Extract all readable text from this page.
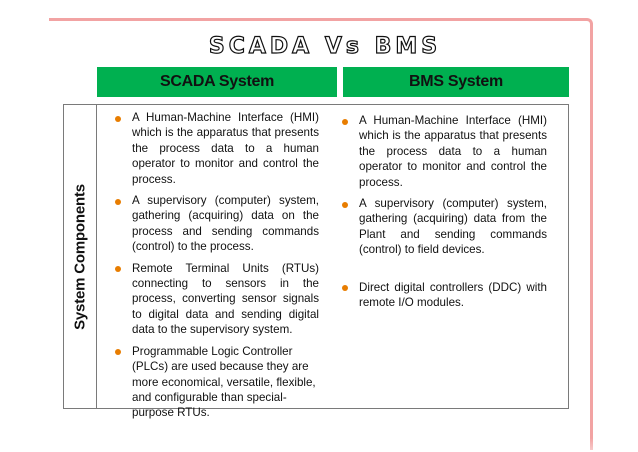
SCADA Vs BMS
SCADA System	BMS System
System Components
A Human-Machine Interface (HMI) which is the apparatus that presents the process data to a human operator to monitor and control the process.
A supervisory (computer) system, gathering (acquiring) data on the process and sending commands (control) to the process.
Remote Terminal Units (RTUs) connecting to sensors in the process, converting sensor signals to digital data and sending digital data to the supervisory system.
Programmable Logic Controller (PLCs) are used because they are more economical, versatile, flexible, and configurable than special-purpose RTUs.
A Human-Machine Interface (HMI) which is the apparatus that presents the process data to a human operator to monitor and control the process.
A supervisory (computer) system, gathering (acquiring) data from the Plant and sending commands (control) to field devices.
Direct digital controllers (DDC) with remote I/O modules.
